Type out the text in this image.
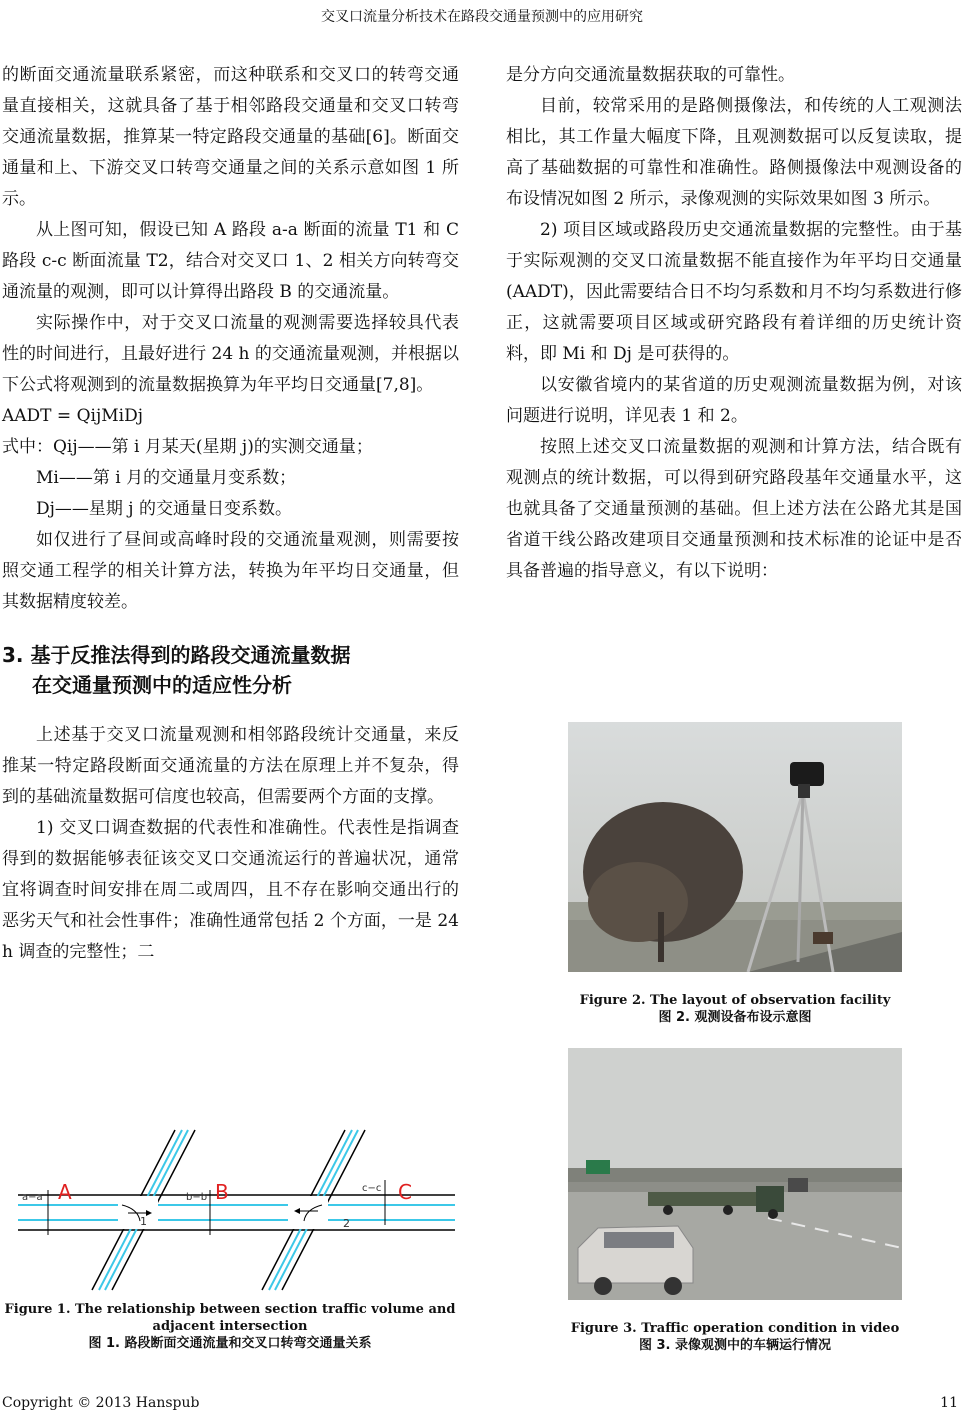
交叉口流量分析技术在路段交通量预测中的应用研究

的断面交通流量联系紧密，而这种联系和交叉口的转弯交通量直接相关，这就具备了基于相邻路段交通量和交叉口转弯交通流量数据，推算某一特定路段交通量的基础[6]。断面交通量和上、下游交叉口转弯交通量之间的关系示意如图 1 所示。

从上图可知，假设已知 A 路段 a-a 断面的流量 T1 和 C 路段 c-c 断面流量 T2，结合对交叉口 1、2 相关方向转弯交通流量的观测，即可以计算得出路段 B 的交通流量。

实际操作中，对于交叉口流量的观测需要选择较具代表性的时间进行，且最好进行 24 h 的交通流量观测，并根据以下公式将观测到的流量数据换算为年平均日交通量[7,8]。

AADT = QijMiDj

式中：Qij——第 i 月某天(星期 j)的实测交通量；

Mi——第 i 月的交通量月变系数；

Dj——星期 j 的交通量日变系数。

如仅进行了昼间或高峰时段的交通流量观测，则需要按照交通工程学的相关计算方法，转换为年平均日交通量，但其数据精度较差。

3. 基于反推法得到的路段交通流量数据
在交通量预测中的适应性分析

上述基于交叉口流量观测和相邻路段统计交通量，来反推某一特定路段断面交通流量的方法在原理上并不复杂，得到的基础流量数据可信度也较高，但需要两个方面的支撑。

1) 交叉口调查数据的代表性和准确性。代表性是指调查得到的数据能够表征该交叉口交通流运行的普遍状况，通常宜将调查时间安排在周二或周四，且不存在影响交通出行的恶劣天气和社会性事件；准确性通常包括 2 个方面，一是 24 h 调查的完整性；二

是分方向交通流量数据获取的可靠性。

目前，较常采用的是路侧摄像法，和传统的人工观测法相比，其工作量大幅度下降，且观测数据可以反复读取，提高了基础数据的可靠性和准确性。路侧摄像法中观测设备的布设情况如图 2 所示，录像观测的实际效果如图 3 所示。

2) 项目区域或路段历史交通流量数据的完整性。由于基于实际观测的交叉口流量数据不能直接作为年平均日交通量(AADT)，因此需要结合日不均匀系数和月不均匀系数进行修正，这就需要项目区域或研究路段有着详细的历史统计资料，即 Mi 和 Dj 是可获得的。

以安徽省境内的某省道的历史观测流量数据为例，对该问题进行说明，详见表 1 和 2。

按照上述交叉口流量数据的观测和计算方法，结合既有观测点的统计数据，可以得到研究路段基年交通量水平，这也就具备了交通量预测的基础。但上述方法在公路尤其是国省道干线公路改建项目交通量预测和技术标准的论证中是否具备普遍的指导意义，有以下说明：

a−a A	b−b B	c−c C
1	2
Figure 1. The relationship between section traffic volume and adjacent intersection
图 1. 路段断面交通流量和交叉口转弯交通量关系
Figure 2. The layout of observation facility
图 2. 观测设备布设示意图
Figure 3. Traffic operation condition in video
图 3. 录像观测中的车辆运行情况
Copyright © 2013 Hanspub	11
